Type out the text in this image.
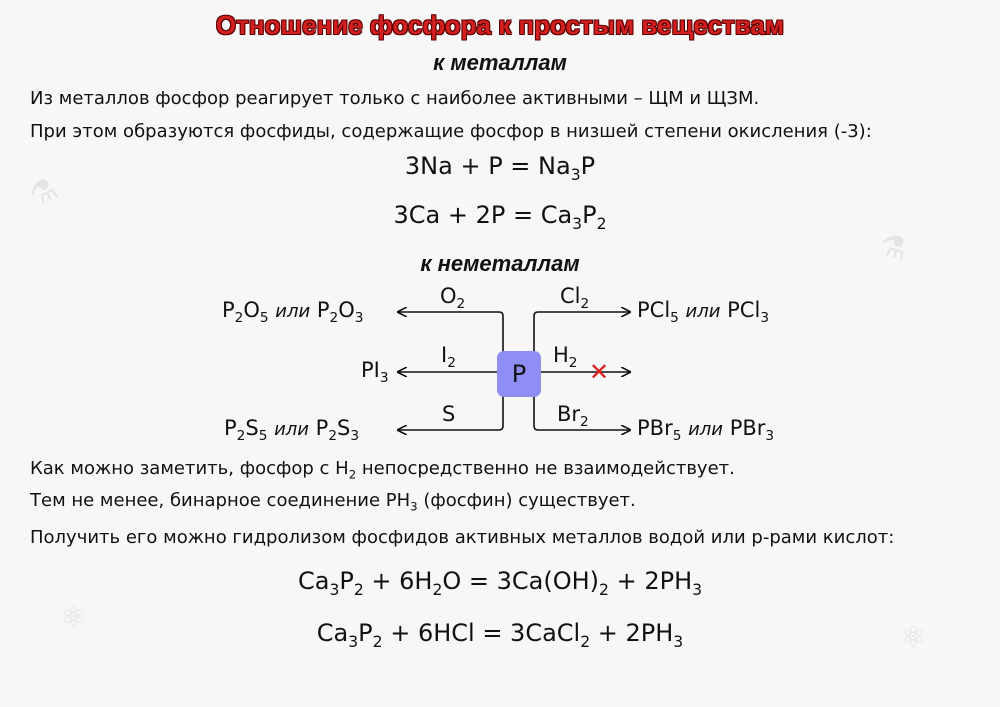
⚗
⚗
⚛
⚛
Отношение фосфора к простым веществам
к металлам
Из металлов фосфор реагирует только с наиболее активными – ЩМ и ЩЗМ.
При этом образуются фосфиды, содержащие фосфор в низшей степени окисления (-3):
$3Na + P = Na_3P$
$3Ca + 2P = Ca_3P_2$
к неметаллам
P
$O_2$
$I_2$
S
$Cl_2$
$H_2$ ✕
$Br_2$
$P_2O_5$ или $P_2O_3$
$PI_3$
$P_2S_5$ или $P_2S_3$
PCl$_5$ или PCl$_3$
PBr$_5$ или PBr$_3$
Как можно заметить, фосфор с $H_2$ непосредственно не взаимодействует.
Тем не менее, бинарное соединение $PH_3$ (фосфин) существует.
Получить его можно гидролизом фосфидов активных металлов водой или р-рами кислот:
$Ca_3P_2 + 6H_2O = 3Ca(OH)_2 + 2PH_3$
$Ca_3P_2 + 6HCl$ = 3CaCl$_2$ + $2PH_3$
